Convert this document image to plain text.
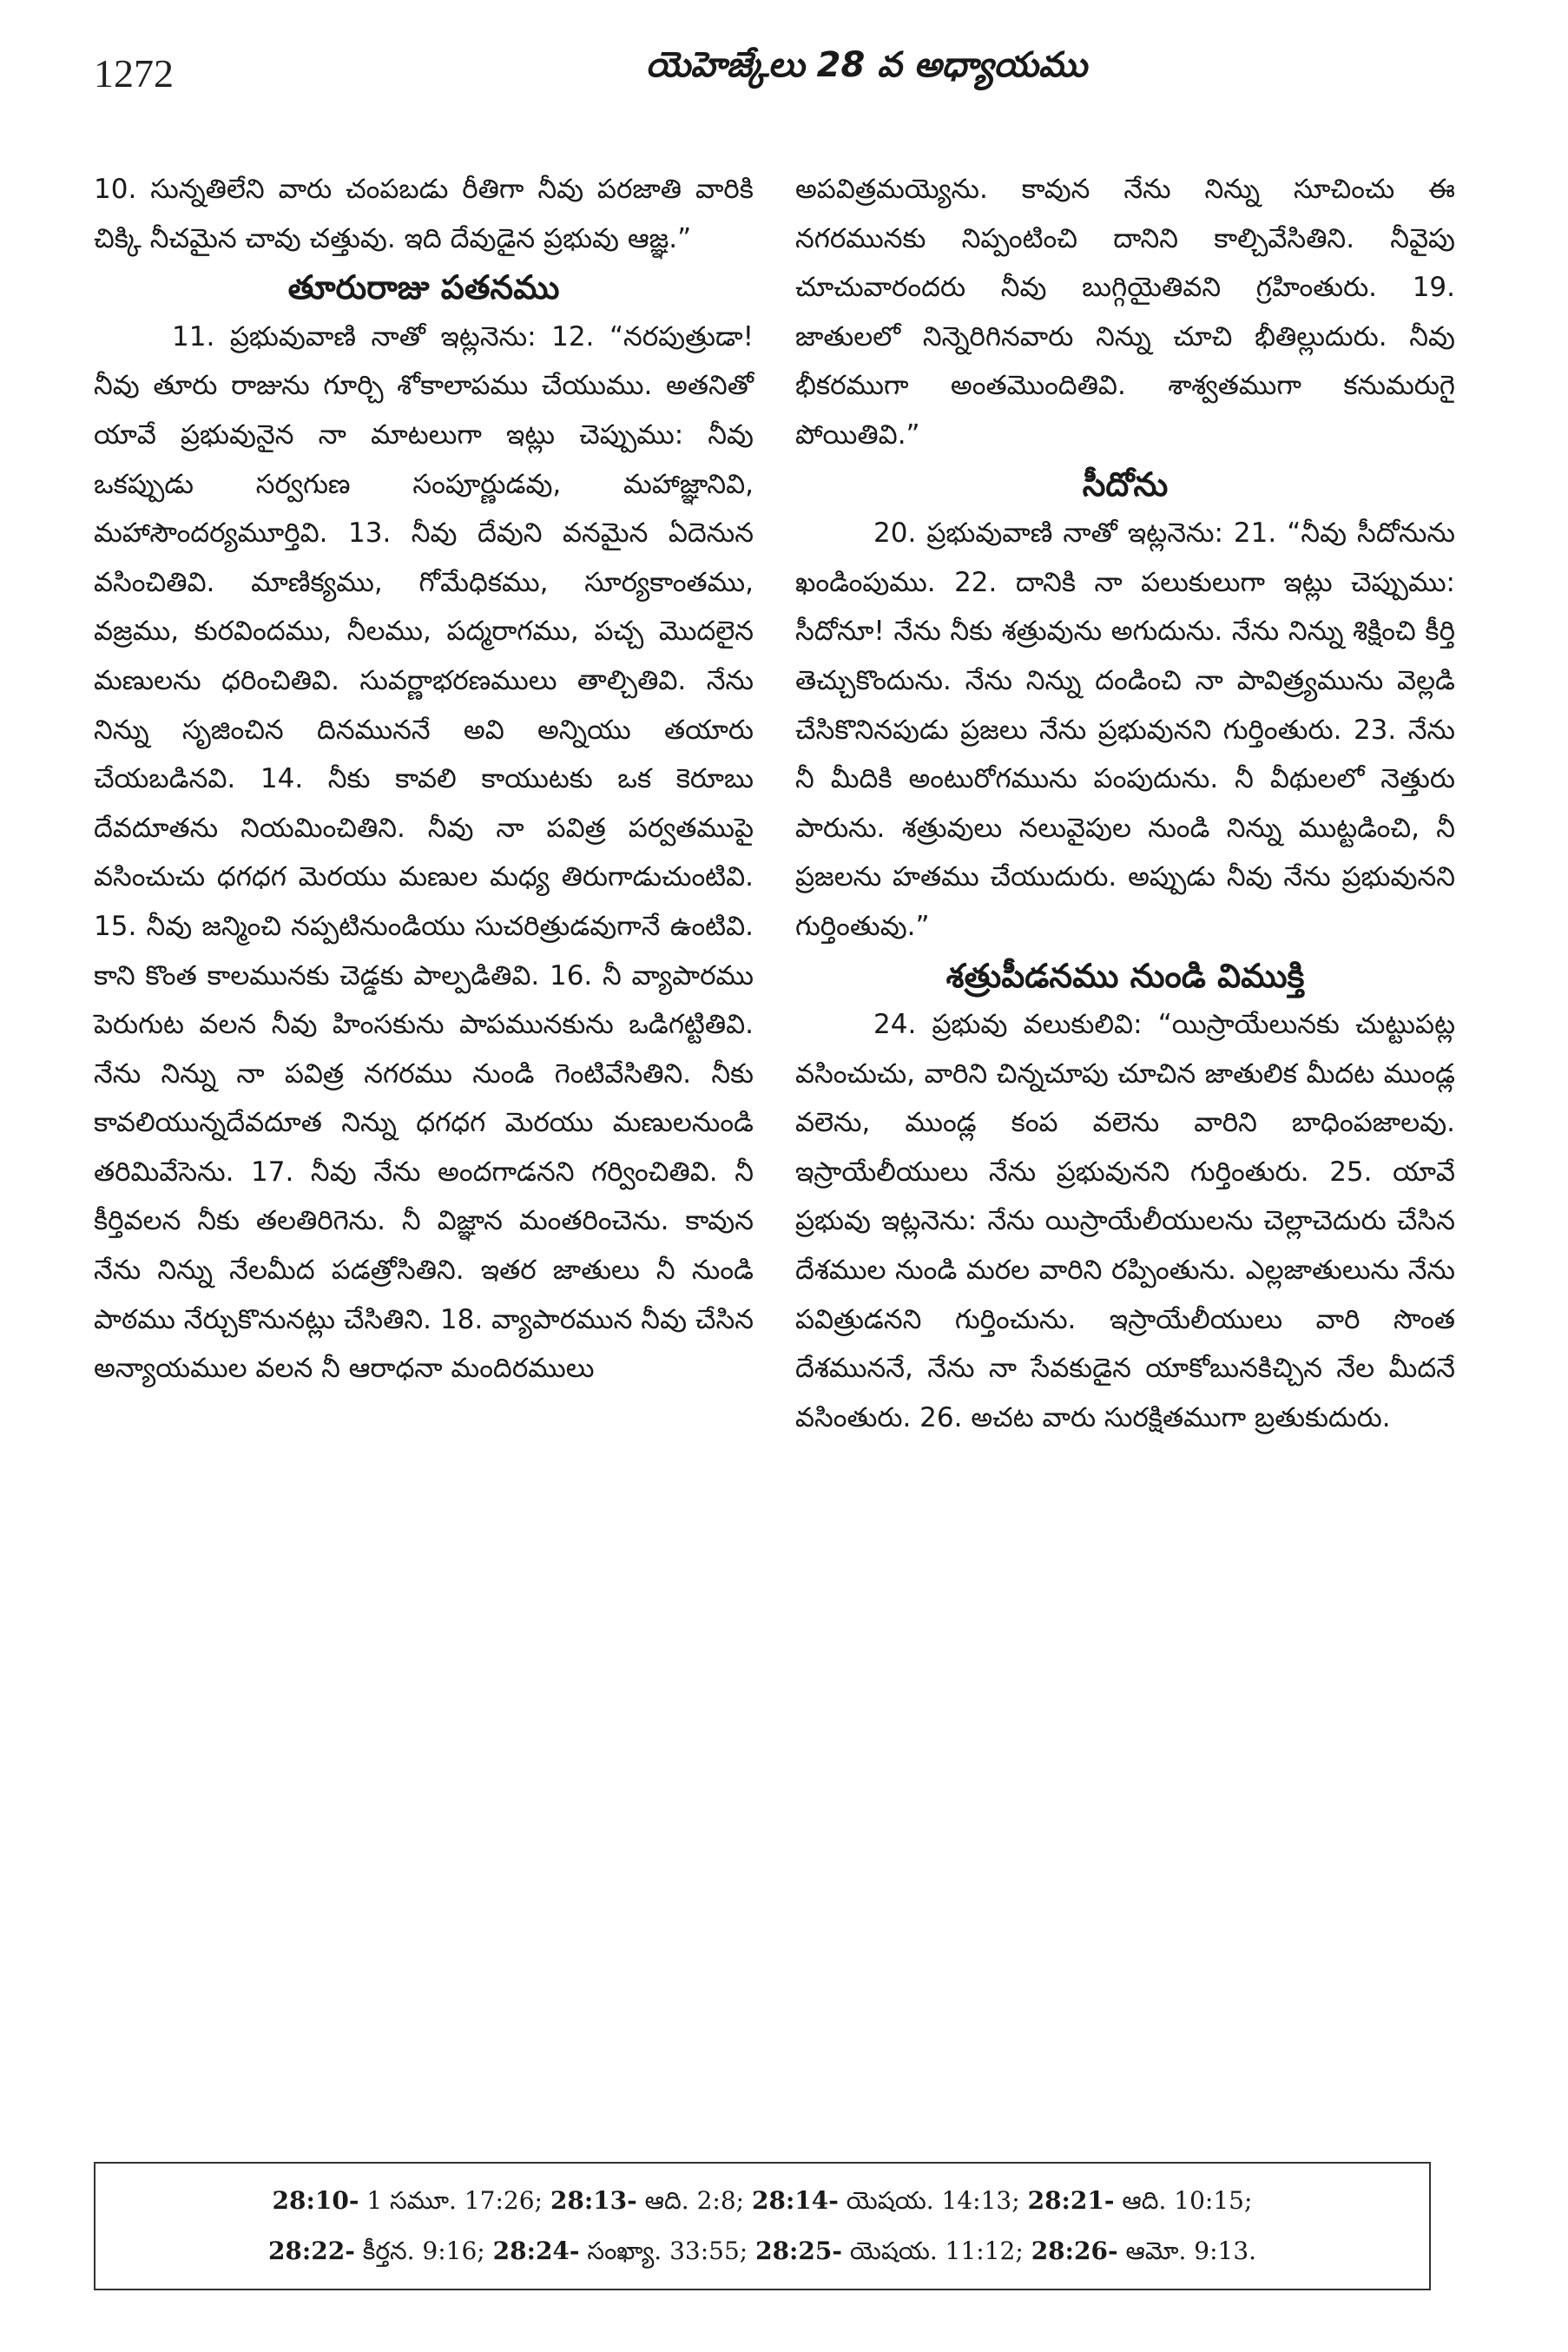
1272	యెహెజ్కేలు 28 వ అధ్యాయము

10. సున్నతిలేని వారు చంపబడు రీతిగా నీవు పరజాతి వారికి చిక్కి నీచమైన చావు చత్తువు. ఇది దేవుడైన ప్రభువు ఆజ్ఞ.”

తూరురాజు పతనము

11. ప్రభువువాణి నాతో ఇట్లనెను: 12. “నరపుత్రుడా! నీవు తూరు రాజును గూర్చి శోకాలాపము చేయుము. అతనితో యావే ప్రభువునైన నా మాటలుగా ఇట్లు చెప్పుము: నీవు ఒకప్పుడు సర్వగుణ సంపూర్ణుడవు, మహాజ్ఞానివి, మహాసౌందర్యమూర్తివి. 13. నీవు దేవుని వనమైన ఏదెనున వసించితివి. మాణిక్యము, గోమేధికము, సూర్యకాంతము, వజ్రము, కురవిందము, నీలము, పద్మరాగము, పచ్చ మొదలైన మణులను ధరించితివి. సువర్ణాభరణములు తాల్చితివి. నేను నిన్ను సృజించిన దినముననే అవి అన్నియు తయారు చేయబడినవి. 14. నీకు కావలి కాయుటకు ఒక కెరూబు దేవదూతను నియమించితిని. నీవు నా పవిత్ర పర్వతముపై వసించుచు ధగధగ మెరయు మణుల మధ్య తిరుగాడుచుంటివి. 15. నీవు జన్మించి నప్పటినుండియు సుచరిత్రుడవుగానే ఉంటివి. కాని కొంత కాలమునకు చెడ్డకు పాల్పడితివి. 16. నీ వ్యాపారము పెరుగుట వలన నీవు హింసకును పాపమునకును ఒడిగట్టితివి. నేను నిన్ను నా పవిత్ర నగరము నుండి గెంటివేసితిని. నీకు కావలియున్నదేవదూత నిన్ను ధగధగ మెరయు మణులనుండి తరిమివేసెను. 17. నీవు నేను అందగాడనని గర్వించితివి. నీ కీర్తివలన నీకు తలతిరిగెను. నీ విజ్ఞాన మంతరించెను. కావున నేను నిన్ను నేలమీద పడత్రోసితిని. ఇతర జాతులు నీ నుండి పాఠము నేర్చుకొనునట్లు చేసితిని. 18. వ్యాపారమున నీవు చేసిన అన్యాయముల వలన నీ ఆరాధనా మందిరములు

అపవిత్రమయ్యెను. కావున నేను నిన్ను సూచించు ఈ నగరమునకు నిప్పంటించి దానిని కాల్చివేసితిని. నీవైపు చూచువారందరు నీవు బుగ్గియైతివని గ్రహింతురు. 19. జాతులలో నిన్నెరిగినవారు నిన్ను చూచి భీతిల్లుదురు. నీవు భీకరముగా అంతమొందితివి. శాశ్వతముగా కనుమరుగై పోయితివి.”

సీదోను

20. ప్రభువువాణి నాతో ఇట్లనెను: 21. “నీవు సీదోనును ఖండింపుము. 22. దానికి నా పలుకులుగా ఇట్లు చెప్పుము: సీదోనూ! నేను నీకు శత్రువును అగుదును. నేను నిన్ను శిక్షించి కీర్తి తెచ్చుకొందును. నేను నిన్ను దండించి నా పావిత్ర్యమును వెల్లడి చేసికొనినపుడు ప్రజలు నేను ప్రభువునని గుర్తింతురు. 23. నేను నీ మీదికి అంటురోగమును పంపుదును. నీ వీథులలో నెత్తురు పారును. శత్రువులు నలువైపుల నుండి నిన్ను ముట్టడించి, నీ ప్రజలను హతము చేయుదురు. అప్పుడు నీవు నేను ప్రభువునని గుర్తింతువు.”

శత్రుపీడనము నుండి విముక్తి

24. ప్రభువు వలుకులివి: “యిస్రాయేలునకు చుట్టుపట్ల వసించుచు, వారిని చిన్నచూపు చూచిన జాతులిక మీదట ముండ్ల వలెను, ముండ్ల కంప వలెను వారిని బాధింపజాలవు. ఇస్రాయేలీయులు నేను ప్రభువునని గుర్తింతురు. 25. యావే ప్రభువు ఇట్లనెను: నేను యిస్రాయేలీయులను చెల్లాచెదురు చేసిన దేశముల నుండి మరల వారిని రప్పింతును. ఎల్లజాతులును నేను పవిత్రుడనని గుర్తించును. ఇస్రాయేలీయులు వారి సొంత దేశముననే, నేను నా సేవకుడైన యాకోబునకిచ్చిన నేల మీదనే వసింతురు. 26. అచట వారు సురక్షితముగా బ్రతుకుదురు.

28:10- 1 సమూ. 17:26; 28:13- ఆది. 2:8; 28:14- యెషయ. 14:13; 28:21- ఆది. 10:15;

28:22- కీర్తన. 9:16; 28:24- సంఖ్యా. 33:55; 28:25- యెషయ. 11:12; 28:26- ఆమో. 9:13.
